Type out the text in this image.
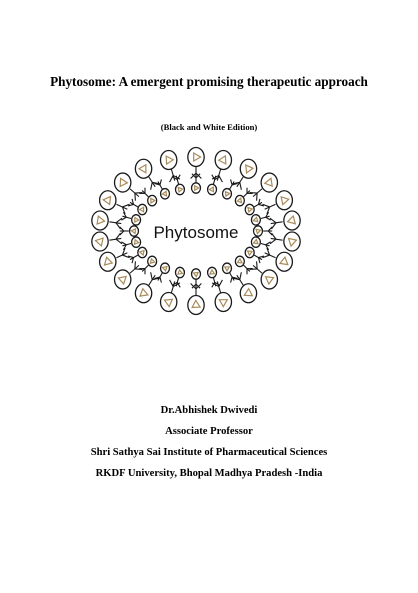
Phytosome: A emergent promising therapeutic approach
(Black and White Edition)
Phytosome
Dr.Abhishek Dwivedi
Associate Professor
Shri Sathya Sai Institute of Pharmaceutical Sciences
RKDF University, Bhopal Madhya Pradesh -India
